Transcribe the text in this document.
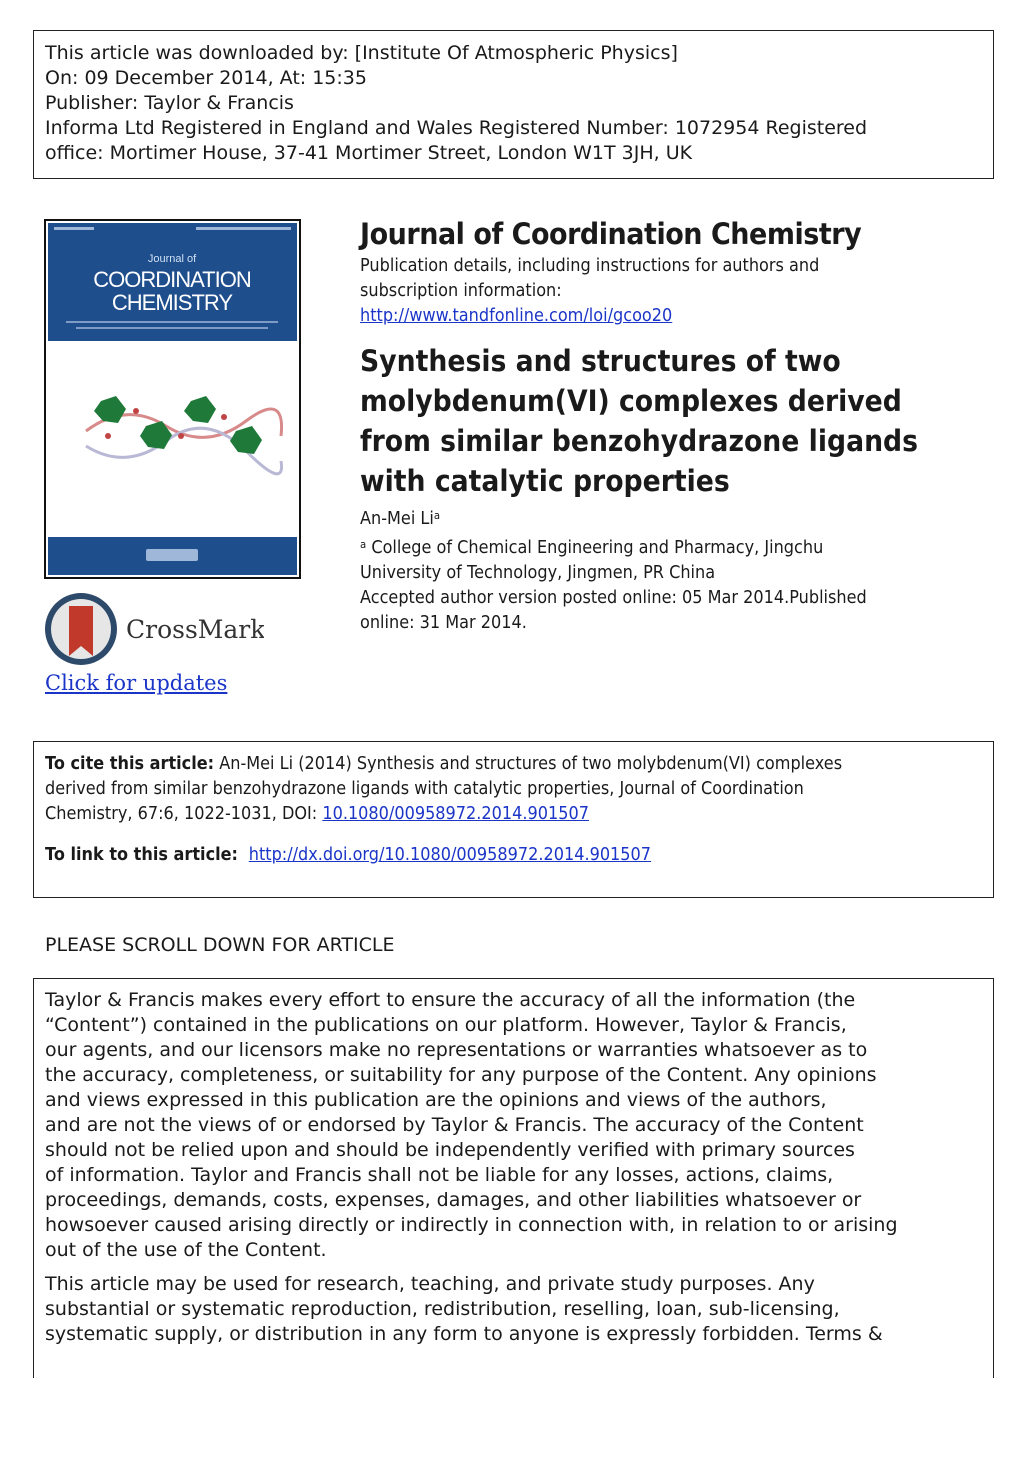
This article was downloaded by: [Institute Of Atmospheric Physics]
On: 09 December 2014, At: 15:35
Publisher: Taylor & Francis
Informa Ltd Registered in England and Wales Registered Number: 1072954 Registered
office: Mortimer House, 37-41 Mortimer Street, London W1T 3JH, UK
Journal of
COORDINATION
CHEMISTRY
CrossMark
Click for updates
Journal of Coordination Chemistry
Publication details, including instructions for authors and
subscription information:
http://www.tandfonline.com/loi/gcoo20
Synthesis and structures of two
molybdenum(VI) complexes derived
from similar benzohydrazone ligands
with catalytic properties
An-Mei Li$^a$
$^a$ College of Chemical Engineering and Pharmacy, Jingchu
University of Technology, Jingmen, PR China
Accepted author version posted online: 05 Mar 2014.Published
online: 31 Mar 2014.
To cite this article: An-Mei Li (2014) Synthesis and structures of two molybdenum(VI) complexes
derived from similar benzohydrazone ligands with catalytic properties, Journal of Coordination
Chemistry, 67:6, 1022-1031, DOI: 10.1080/00958972.2014.901507
To link to this article:  http://dx.doi.org/10.1080/00958972.2014.901507
PLEASE SCROLL DOWN FOR ARTICLE

Taylor & Francis makes every effort to ensure the accuracy of all the information (the
“Content”) contained in the publications on our platform. However, Taylor & Francis,
our agents, and our licensors make no representations or warranties whatsoever as to
the accuracy, completeness, or suitability for any purpose of the Content. Any opinions
and views expressed in this publication are the opinions and views of the authors,
and are not the views of or endorsed by Taylor & Francis. The accuracy of the Content
should not be relied upon and should be independently verified with primary sources
of information. Taylor and Francis shall not be liable for any losses, actions, claims,
proceedings, demands, costs, expenses, damages, and other liabilities whatsoever or
howsoever caused arising directly or indirectly in connection with, in relation to or arising
out of the use of the Content.

This article may be used for research, teaching, and private study purposes. Any
substantial or systematic reproduction, redistribution, reselling, loan, sub-licensing,
systematic supply, or distribution in any form to anyone is expressly forbidden. Terms &
